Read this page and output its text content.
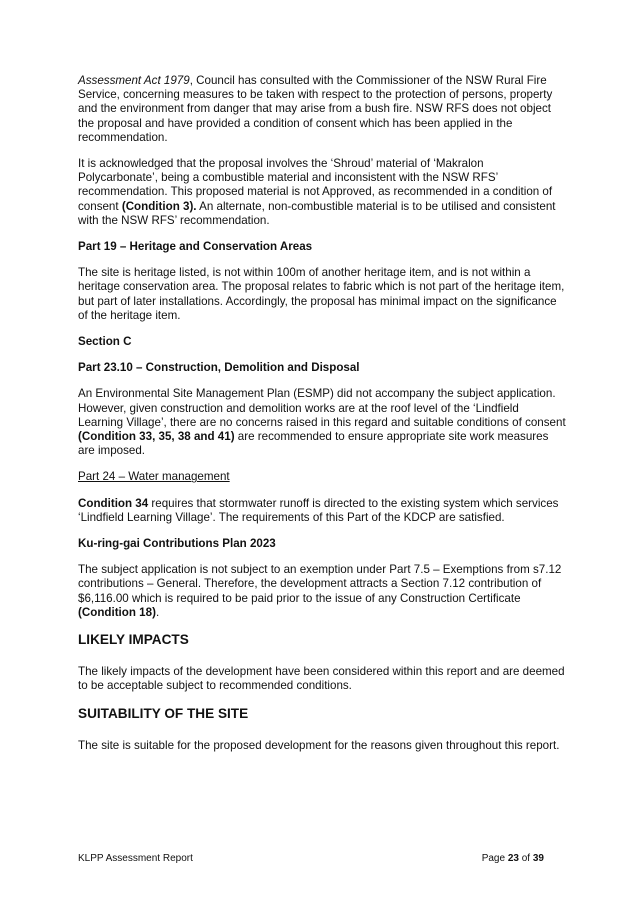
Assessment Act 1979, Council has consulted with the Commissioner of the NSW Rural Fire Service, concerning measures to be taken with respect to the protection of persons, property and the environment from danger that may arise from a bush fire. NSW RFS does not object the proposal and have provided a condition of consent which has been applied in the recommendation.

It is acknowledged that the proposal involves the ‘Shroud’ material of ‘Makralon Polycarbonate’, being a combustible material and inconsistent with the NSW RFS’ recommendation. This proposed material is not Approved, as recommended in a condition of consent (Condition 3). An alternate, non-combustible material is to be utilised and consistent with the NSW RFS’ recommendation.

Part 19 – Heritage and Conservation Areas

The site is heritage listed, is not within 100m of another heritage item, and is not within a heritage conservation area. The proposal relates to fabric which is not part of the heritage item, but part of later installations. Accordingly, the proposal has minimal impact on the significance of the heritage item.

Section C

Part 23.10 – Construction, Demolition and Disposal

An Environmental Site Management Plan (ESMP) did not accompany the subject application. However, given construction and demolition works are at the roof level of the ‘Lindfield Learning Village’, there are no concerns raised in this regard and suitable conditions of consent (Condition 33, 35, 38 and 41) are recommended to ensure appropriate site work measures are imposed.

Part 24 – Water management

Condition 34 requires that stormwater runoff is directed to the existing system which services ‘Lindfield Learning Village’. The requirements of this Part of the KDCP are satisfied.

Ku-ring-gai Contributions Plan 2023

The subject application is not subject to an exemption under Part 7.5 – Exemptions from s7.12 contributions – General. Therefore, the development attracts a Section 7.12 contribution of $6,116.00 which is required to be paid prior to the issue of any Construction Certificate (Condition 18).

LIKELY IMPACTS

The likely impacts of the development have been considered within this report and are deemed to be acceptable subject to recommended conditions.

SUITABILITY OF THE SITE

The site is suitable for the proposed development for the reasons given throughout this report.

KLPP Assessment Report	Page 23 of 39
